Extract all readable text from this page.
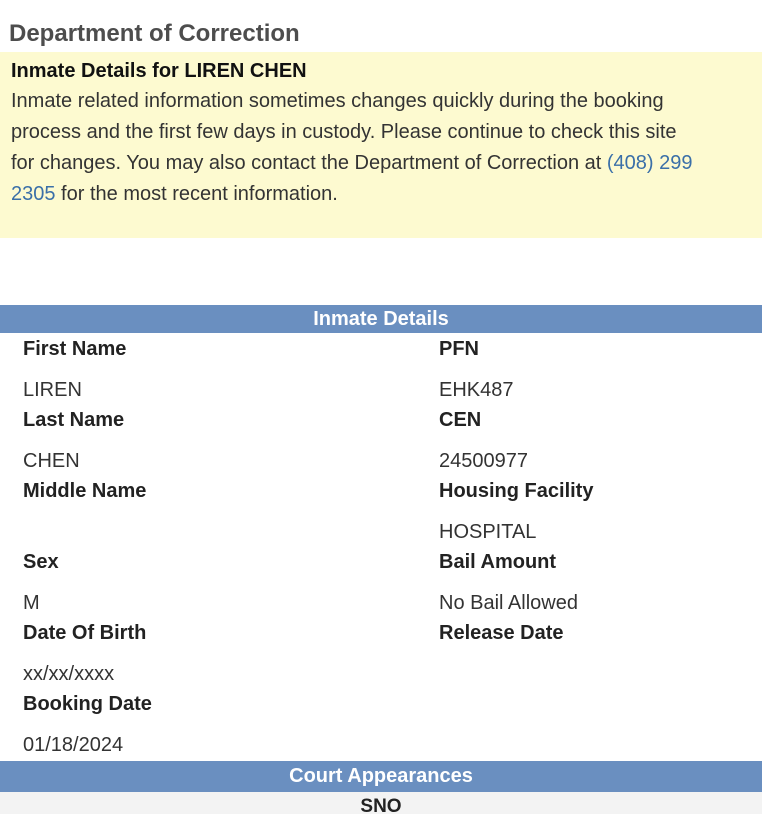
Department of Correction

Inmate Details for LIREN CHEN

Inmate related information sometimes changes quickly during the booking
process and the first few days in custody. Please continue to check this site
for changes. You may also contact the Department of Correction at (408) 299
2305 for the most recent information.

Inmate Details
First Name
LIREN
Last Name
CHEN
Middle Name
Sex
M
Date Of Birth
xx/xx/xxxx
Booking Date
01/18/2024
PFN
EHK487
CEN
24500977
Housing Facility
HOSPITAL
Bail Amount
No Bail Allowed
Release Date
Court Appearances
SNO
